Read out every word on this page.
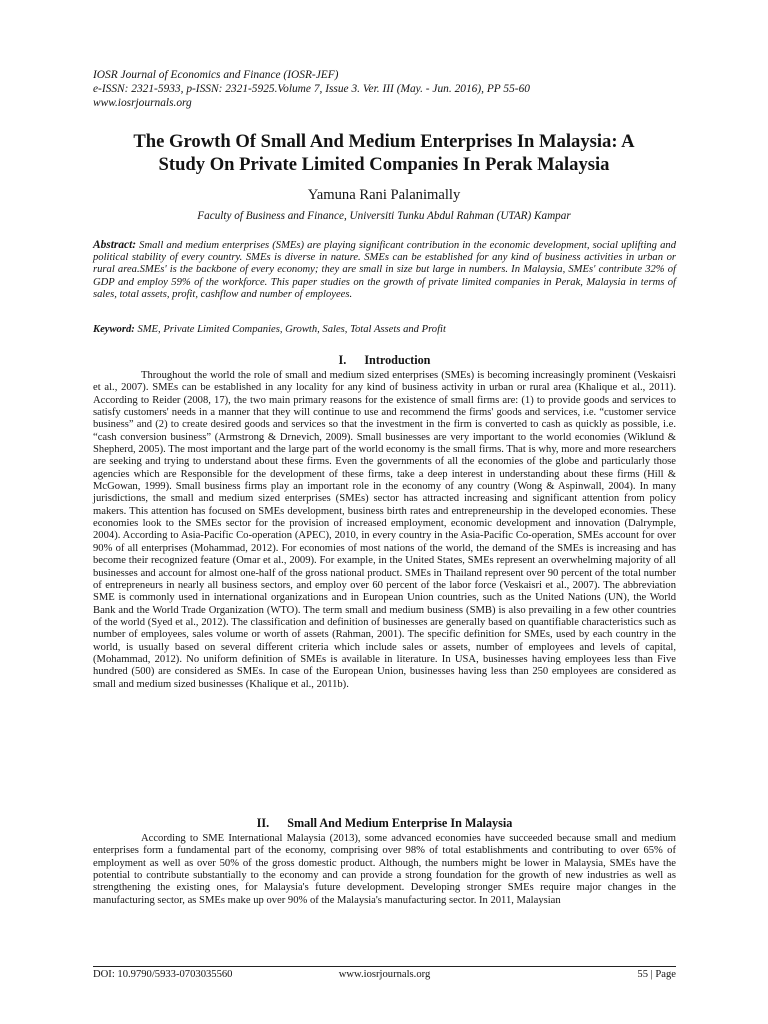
IOSR Journal of Economics and Finance (IOSR-JEF)
e-ISSN: 2321-5933, p-ISSN: 2321-5925.Volume 7, Issue 3. Ver. III (May. - Jun. 2016), PP 55-60
www.iosrjournals.org
The Growth Of Small And Medium Enterprises In Malaysia: A
Study On Private Limited Companies In Perak Malaysia
Yamuna Rani Palanimally
Faculty of Business and Finance, Universiti Tunku Abdul Rahman (UTAR) Kampar
Abstract: Small and medium enterprises (SMEs) are playing significant contribution in the economic development, social uplifting and political stability of every country. SMEs is diverse in nature. SMEs can be established for any kind of business activities in urban or rural area.SMEs' is the backbone of every economy; they are small in size but large in numbers. In Malaysia, SMEs' contribute 32% of GDP and employ 59% of the workforce. This paper studies on the growth of private limited companies in Perak, Malaysia in terms of sales, total assets, profit, cashflow and number of employees.
Keyword: SME, Private Limited Companies, Growth, Sales, Total Assets and Profit
I. Introduction

Throughout the world the role of small and medium sized enterprises (SMEs) is becoming increasingly prominent (Veskaisri et al., 2007). SMEs can be established in any locality for any kind of business activity in urban or rural area (Khalique et al., 2011). According to Reider (2008, 17), the two main primary reasons for the existence of small firms are: (1) to provide goods and services to satisfy customers' needs in a manner that they will continue to use and recommend the firms' goods and services, i.e. “customer service business” and (2) to create desired goods and services so that the investment in the firm is converted to cash as quickly as possible, i.e. “cash conversion business” (Armstrong & Drnevich, 2009). Small businesses are very important to the world economies (Wiklund & Shepherd, 2005). The most important and the large part of the world economy is the small firms. That is why, more and more researchers are seeking and trying to understand about these firms. Even the governments of all the economies of the globe and particularly those agencies which are Responsible for the development of these firms, take a deep interest in understanding about these firms (Hill & McGowan, 1999). Small business firms play an important role in the economy of any country (Wong & Aspinwall, 2004). In many jurisdictions, the small and medium sized enterprises (SMEs) sector has attracted increasing and significant attention from policy makers. This attention has focused on SMEs development, business birth rates and entrepreneurship in the developed economies. These economies look to the SMEs sector for the provision of increased employment, economic development and innovation (Dalrymple, 2004). According to Asia-Pacific Co-operation (APEC), 2010, in every country in the Asia-Pacific Co-operation, SMEs account for over 90% of all enterprises (Mohammad, 2012). For economies of most nations of the world, the demand of the SMEs is increasing and has become their recognized feature (Omar et al., 2009). For example, in the United States, SMEs represent an overwhelming majority of all businesses and account for almost one-half of the gross national product. SMEs in Thailand represent over 90 percent of the total number of entrepreneurs in nearly all business sectors, and employ over 60 percent of the labor force (Veskaisri et al., 2007). The abbreviation SME is commonly used in international organizations and in European Union countries, such as the United Nations (UN), the World Bank and the World Trade Organization (WTO). The term small and medium business (SMB) is also prevailing in a few other countries of the world (Syed et al., 2012). The classification and definition of businesses are generally based on quantifiable characteristics such as number of employees, sales volume or worth of assets (Rahman, 2001). The specific definition for SMEs, used by each country in the world, is usually based on several different criteria which include sales or assets, number of employees and levels of capital, (Mohammad, 2012). No uniform definition of SMEs is available in literature. In USA, businesses having employees less than Five hundred (500) are considered as SMEs. In case of the European Union, businesses having less than 250 employees are considered as small and medium sized businesses (Khalique et al., 2011b).

II. Small And Medium Enterprise In Malaysia

According to SME International Malaysia (2013), some advanced economies have succeeded because small and medium enterprises form a fundamental part of the economy, comprising over 98% of total establishments and contributing to over 65% of employment as well as over 50% of the gross domestic product. Although, the numbers might be lower in Malaysia, SMEs have the potential to contribute substantially to the economy and can provide a strong foundation for the growth of new industries as well as strengthening the existing ones, for Malaysia's future development. Developing stronger SMEs require major changes in the manufacturing sector, as SMEs make up over 90% of the Malaysia's manufacturing sector. In 2011, Malaysian

DOI: 10.9790/5933-0703035560	www.iosrjournals.org	55 | Page
